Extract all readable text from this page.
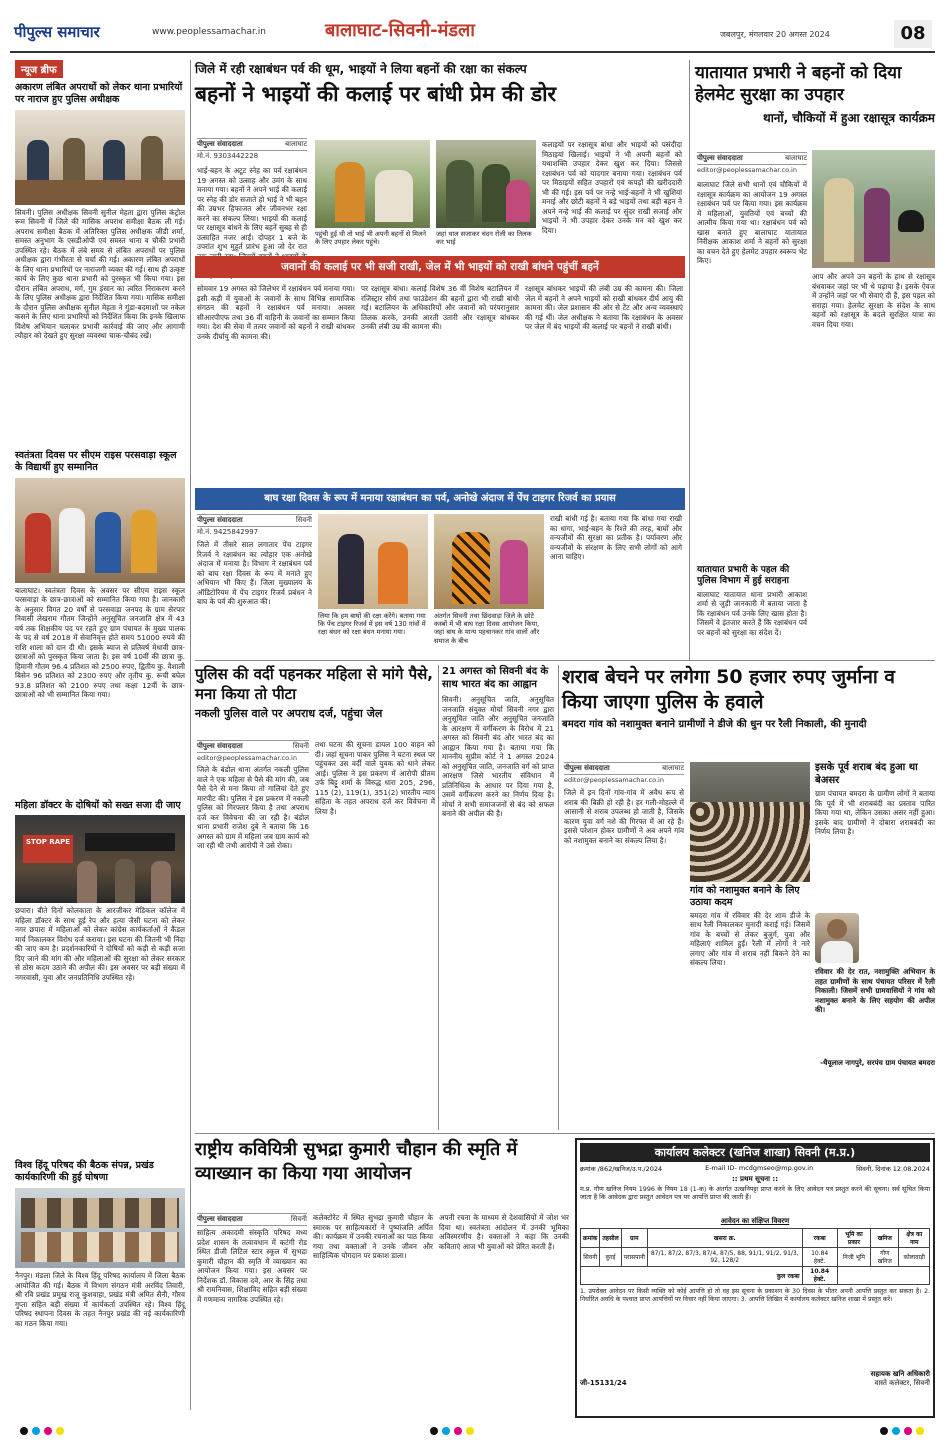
पीपुल्स समाचार	www.peoplessamachar.in	बालाघाट-सिवनी-मंडला	जबलपुर, मंगलवार 20 अगस्त 2024	08
न्यूज ब्रीफ
अकारण लंबित अपराधों को लेकर थाना प्रभारियों पर नाराज हुए पुलिस अधीक्षक
सिवनी। पुलिस अधीक्षक सिवनी सुनील मेहता द्वारा पुलिस कंट्रोल रूम सिवनी में जिले की मासिक अपराध समीक्षा बैठक ली गई। अपराध समीक्षा बैठक में अतिरिक्त पुलिस अधीक्षक जीडी शर्मा, समस्त अनुभाग के एसडीओपी एवं समस्त थाना व चौकी प्रभारी उपस्थित रहे। बैठक में लंबे समय से लंबित अपराधों पर पुलिस अधीक्षक द्वारा गंभीरता से चर्चा की गई। अकारण लंबित अपराधों के लिए थाना प्रभारियों पर नाराजगी व्यक्त की गई। साथ ही उत्कृष्ट कार्य के लिए कुछ थाना प्रभारी को पुरस्कृत भी किया गया। इस दौरान लंबित अपराध, मर्ग, गुम इंसान का त्वरित निराकरण करने के लिए पुलिस अधीक्षक द्वारा निर्देशित किया गया। मासिक समीक्षा के दौरान पुलिस अधीक्षक सुनील मेहता ने गुंडा-बदमाशों पर नकेल कसने के लिए थाना प्रभारियों को निर्देशित किया कि इनके खिलाफ विशेष अभियान चलाकर प्रभावी कार्रवाई की जाए और आगामी त्यौहार को देखते हुए सुरक्षा व्यवस्था चाक-चौबंद रखें।
स्वतंत्रता दिवस पर सीएम राइस परसवाड़ा स्कूल के विद्यार्थी हुए सम्मानित
बालाघाट। स्वतंत्रता दिवस के अवसर पर सीएम राइस स्कूल परसवाड़ा के छात्र-छात्राओं को सम्मानित किया गया है। जानकारी के अनुसार विगत 20 वर्षों से परसवाड़ा जनपद के ग्राम सेरपार निवासी लेखराम गौतम जिन्होंने अनुसूचित जनजाति क्षेत्र में 43 वर्ष तक शिक्षकीय पद पर रहते हुए ग्राम पंचायत के मुख्य पालक के पद से वर्ष 2018 में सेवानिवृत्त होते समय 51000 रुपये की राशि शाला को दान दी थी। इसके ब्याज से प्रतिवर्ष मेधावी छात्र-छात्राओं को पुरस्कृत किया जाता है। इस वर्ष 10वीं की छात्रा कु. हिमानी गौतम 96.4 प्रतिशत को 2500 रुपए, द्वितीय कु. वैशाली बिसेन 96 प्रतिशत को 2300 रुपए और तृतीय कु. रूची बघेल 93.8 प्रतिशत को 2100 रुपए तथा कक्षा 12वीं के छात्र-छात्राओं को भी सम्मानित किया गया।
महिला डॉक्टर के दोषियों को सख्त सजा दी जाए
STOP RAPE
छपारा। बीते दिनों कोलकाता के आरजीकर मेडिकल कॉलेज में महिला डॉक्टर के साथ हुई रेप और हत्या जैसी घटना को लेकर नगर छपारा में महिलाओं को लेकर कांग्रेस कार्यकर्ताओं ने कैंडल मार्च निकालकर विरोध दर्ज कराया। इस घटना की जितनी भी निंदा की जाए कम है। प्रदर्शनकारियों ने दोषियों को कड़ी से कड़ी सजा दिए जाने की मांग की और महिलाओं की सुरक्षा को लेकर सरकार से ठोस कदम उठाने की अपील की। इस अवसर पर बड़ी संख्या में नगरवासी, युवा और जनप्रतिनिधि उपस्थित रहे।
विश्व हिंदू परिषद की बैठक संपन्न, प्रखंड कार्यकारिणी की हुई घोषणा
नैनपुर। मंडला जिले के विश्व हिंदू परिषद कार्यालय में जिला बैठक आयोजित की गई। बैठक में विभाग संगठन मंत्री अरविंद तिवारी, श्री रवि प्रखंड प्रमुख राजू कुशवाहा, प्रखंड मंत्री अमित सैनी, गौरव गुप्ता सहित बड़ी संख्या में कार्यकर्ता उपस्थित रहे। विश्व हिंदू परिषद स्थापना दिवस के तहत नैनपुर प्रखंड की नई कार्यकारिणी का गठन किया गया।
जिले में रही रक्षाबंधन पर्व की धूम, भाइयों ने लिया बहनों की रक्षा का संकल्प
बहनों ने भाइयों की कलाई पर बांधी प्रेम की डोर
पीपुल्स संवाददाता	बालाघाट
मो.नं. 9303442228
भाई-बहन के अटूट स्नेह का पर्व रक्षाबंधन 19 अगस्त को उत्साह और उमंग के साथ मनाया गया। बहनों ने अपने भाई की कलाई पर स्नेह की डोर सजाते हो भाई ने भी बहन की उम्रभर हिफाजत और जीवनभर रक्षा करने का संकल्प लिया। भाइयों की कलाई पर रक्षासूत्र बांधने के लिए बहनें सुबह से ही उत्साहित नजर आईं। दोपहर 1 बजे के उपरांत शुभ मुहूर्त प्रारंभ हुआ जो देर रात
पहुंची हुई थी तो भाई भी अपनी बहनों से मिलने के लिए उपहार लेकर पहुंचे।
जहां थाल सजाकर चंदन रोली का तिलक कर भाई
कलाइयों पर रक्षासूत्र बांधा और भाइयों को पसंदीदा मिठाइयां खिलाई। भाइयों ने भी अपनी बहनों को यथाशक्ति उपहार देकर खुश कर दिया। जिससे रक्षाबंधन पर्व को यादगार बनाया गया। रक्षाबंधन पर्व पर मिठाइयों सहित उपहारों एवं कपड़ों की खरीददारी भी की गई। इस पर्व पर नन्हे भाई-बहनों ने भी खुशियां मनाई और छोटी बहनों ने बड़े भाइयों तथा बड़ी बहन ने अपने नन्हे भाई की कलाई पर सुंदर राखी सजाई और भाइयों ने भी उपहार देकर उनके मन को खुश कर दिया।
जवानों की कलाई पर भी सजी राखी, जेल में भी भाइयों को राखी बांधने पहुंचीं बहनें
सोमवार 19 अगस्त को जिलेभर में रक्षाबंधन पर्व मनाया गया। इसी कड़ी में युवाओं के जवानों के साथ विभिन्न सामाजिक संगठन की बहनों ने रक्षाबंधन पर्व मनाया। अवसर सीआरपीएफ तथा 36 वीं वाहिनी के जवानों का सम्मान किया गया। देश की सेवा में तत्पर जवानों को बहनों ने राखी बांधकर उनके दीर्घायु की कामना की।
पर रक्षासूत्र बांधा। कलाई विशेष 36 वीं विशेष बटालियन में रजिस्ट्रार सौर्य तथा फाउंडेशन की बहनों द्वारा भी राखी बांधी गई। बटालियन के अधिकारियों और जवानों को परंपरानुसार तिलक करके, उनकी आरती उतारी और रक्षासूत्र बांधकर उनकी लंबी उम्र की कामना की।
रक्षासूत्र बांधकर भाइयों की लंबी उम्र की कामना की। जिला जेल में बहनों ने अपने भाइयों को राखी बांधकर दीर्घ आयु की कामना की। जेल प्रशासन की ओर से टेंट और अन्य व्यवस्थाएं की गई थीं। जेल अधीक्षक ने बताया कि रक्षाबंधन के अवसर पर जेल में बंद भाइयों की कलाई पर बहनों ने राखी बांधी।
बाघ रक्षा दिवस के रूप में मनाया रक्षाबंधन का पर्व, अनोखे अंदाज में पेंच टाइगर रिजर्व का प्रयास
पीपुल्स संवाददाता	सिवनी
मो.नं. 9425842997
जिले में तीसरे साल लगातार पेंच टाइगर रिजर्व ने रक्षाबंधन का त्योहार एक अनोखे अंदाज में मनाया है। विभाग ने रक्षाबंधन पर्व को बाघ रक्षा दिवस के रूप में मनाते हुए अभियान भी किए हैं। जिला मुख्यालय के ऑडिटोरियम में पेंच टाइगर रिजर्व प्रबंधन ने बाघ के पर्व की शुरुआत की।
लिया कि हम बाघों की रक्षा करेंगे। बताया गया कि पेंच टाइगर रिजर्व में इस वर्ष 130 गांवों में रक्षा बंधन को रक्षा बंधन मनाया गया।
अंतर्गत सिवनी तथा छिंदवाड़ा जिले के छोटे कस्बों में भी बाघ रक्षा दिवस आयोजन किया, जहां बाघ के मान्य पहचानकर गांव वालों और समाज के बीच
राखी बांधी गई है। बताया गया कि बांधा गया राखी का धागा, भाई-बहन के रिश्ते की तरह, बाघों और वन्यजीवों की सुरक्षा का प्रतीक है। पर्यावरण और वन्यजीवों के संरक्षण के लिए सभी लोगों को आगे आना चाहिए।
यातायात प्रभारी ने बहनों को दिया हेलमेट सुरक्षा का उपहार
थानों, चौकियों में हुआ रक्षासूत्र कार्यक्रम
पीपुल्स संवाददाता	बालाघाट
editor@peoplessamachar.co.in
बालाघाट जिले सभी थानों एवं चौकियों में रक्षासूत्र कार्यक्रम का आयोजन 19 अगस्त रक्षाबंधन पर्व पर किया गया। इस कार्यक्रम में महिलाओं, युवतियों एवं बच्चों की आत्मीय किया गया था। रक्षाबंधन पर्व को खास बनाते हुए बालाघाट यातायात निरीक्षक आकाश शर्मा ने बहनों को सुरक्षा का वचन देते हुए हेलमेट उपहार स्वरूप भेंट किए।
आप और अपने उन बहनों के हाथ से रक्षासूत्र बंधवाकर जहां पर भी थे पढ़ाया है। इसके ऐवज में उन्होंने जहां पर भी सेवाएं दी हैं, इस पहल को सराहा गया। हेलमेट सुरक्षा के संदेश के साथ बहनों को रक्षासूत्र के बदले सुरक्षित यात्रा का वचन दिया गया।
यातायात प्रभारी के पहल की पुलिस विभाग में हुई सराहना
बालाघाट यातायात थाना प्रभारी आकाश शर्मा से जुड़ी जानकारी में बताया जाता है कि रक्षाबंधन पर्व उनके लिए खास होता है। जिसमें वे इंतजार करते हैं कि रक्षाबंधन पर्व पर बहनों को सुरक्षा का संदेश दें।
पुलिस की वर्दी पहनकर महिला से मांगे पैसे, मना किया तो पीटा
नकली पुलिस वाले पर अपराध दर्ज, पहुंचा जेल
पीपुल्स संवाददाता	सिवनी
editor@peoplessamachar.co.in
जिले के बंडोल थाना अंतर्गत नकली पुलिस वाले ने एक महिला से पैसे की मांग की, जब पैसे देने से मना किया तो गालियां देते हुए मारपीट की। पुलिस ने इस प्रकरण में नकली पुलिस को गिरफ्तार किया है तथा अपराध दर्ज कर विवेचना की जा रही है। बंडोल थाना प्रभारी राजेश दुबे ने बताया कि 16 अगस्त को ग्राम में महिला जब ग्राम कार्य को जा रही थी तभी आरोपी ने उसे रोका।
तथा घटना की सूचना डायल 100 वाहन को दी। जहां सूचना पाकर पुलिस ने घटना स्थल पर पहुंचकर उस वर्दी वाले युवक को थाने लेकर आई। पुलिस ने इस प्रकरण में आरोपी प्रीतम उर्फ बिट्टू शर्मा के विरुद्ध धारा 205, 296, 115 (2), 119(1), 351(2) भारतीय न्याय संहिता के तहत अपराध दर्ज कर विवेचना में लिया है।
21 अगस्त को सिवनी बंद के साथ भारत बंद का आह्वान
सिवनी। अनुसूचित जाति, अनुसूचित जनजाति संयुक्त मोर्चा सिवनी नगर द्वारा अनुसूचित जाति और अनुसूचित जनजाति के आरक्षण में वर्गीकरण के विरोध में 21 अगस्त को सिवनी बंद और भारत बंद का आह्वान किया गया है। बताया गया कि माननीय सुप्रीम कोर्ट ने 1 अगस्त 2024 को अनुसूचित जाति, जनजाति वर्ग को प्राप्त आरक्षण जिसे भारतीय संविधान में प्रतिनिधित्व के आधार पर दिया गया है, उसमें वर्गीकरण करने का निर्णय दिया है। मोर्चा ने सभी समाजजनों से बंद को सफल बनाने की अपील की है।
शराब बेचने पर लगेगा 50 हजार रुपए जुर्माना व किया जाएगा पुलिस के हवाले
बमदरा गांव को नशामुक्त बनाने ग्रामीणों ने डीजे की धुन पर रैली निकाली, की मुनादी
पीपुल्स संवाददाता	बालाघाट
editor@peoplessamachar.co.in
जिले में इन दिनों गांव-गांव में अवैध रूप से शराब की बिक्री हो रही है। हर गली-मोहल्ले में आसानी से शराब उपलब्ध हो जाती है, जिसके कारण युवा वर्ग नशे की गिरफ्त में आ रहे हैं। इससे परेशान होकर ग्रामीणों ने अब अपने गांव को नशामुक्त बनाने का संकल्प लिया है।
गांव को नशामुक्त बनाने के लिए उठाया कदम
बमदरा गांव में रविवार की देर शाम डीजे के साथ रैली निकालकर मुनादी कराई गई। जिसमें गांव के बच्चों से लेकर बुजुर्ग, युवा और महिलाएं शामिल हुईं। रैली में लोगों ने नारे लगाए और गांव में शराब नहीं बिकने देने का संकल्प लिया।
इसके पूर्व शराब बंद हुआ था बेअसर
ग्राम पंचायत बमदरा के ग्रामीण लोगों ने बताया कि पूर्व में भी शराबबंदी का प्रस्ताव पारित किया गया था, लेकिन उसका असर नहीं हुआ। इसके बाद ग्रामीणों ने दोबारा शराबबंदी का निर्णय लिया है।
रविवार की देर रात, नशामुक्ति अभियान के तहत ग्रामीणों के साथ पंचायत परिसर में रैली निकाली। जिसमें सभी ग्रामवासियों ने गांव को नशामुक्त बनाने के लिए सहयोग की अपील की।
-थैयूलाल नागपुरे, सरपंच ग्राम पंचायत बमदरा
राष्ट्रीय कवियित्री सुभद्रा कुमारी चौहान की स्मृति में व्याख्यान का किया गया आयोजन
पीपुल्स संवाददाता	सिवनी
साहित्य अकादमी संस्कृति परिषद मध्य प्रदेश शासन के तत्वावधान में कटंगी रोड स्थित डीजी लिटिल स्टार स्कूल में सुभद्रा कुमारी चौहान की स्मृति में व्याख्यान का आयोजन किया गया। इस अवसर पर निर्देशक डॉ. विकास दवे, आर के सिंह तथा श्री रामनिवास, शिक्षाविद सहित बड़ी संख्या में गणमान्य नागरिक उपस्थित रहे।
कलेक्टोरेट में स्थित सुभद्रा कुमारी चौहान के स्मारक पर साहित्यकारों ने पुष्पांजलि अर्पित की। कार्यक्रम में उनकी रचनाओं का पाठ किया गया तथा वक्ताओं ने उनके जीवन और साहित्यिक योगदान पर प्रकाश डाला।
अपनी रचना के माध्यम से देशवासियों में जोश भर दिया था। स्वतंत्रता आंदोलन में उनकी भूमिका अविस्मरणीय है। वक्ताओं ने कहा कि उनकी कविताएं आज भी युवाओं को प्रेरित करती हैं।
कार्यालय कलेक्टर (खनिज शाखा) सिवनी (म.प्र.)
क्रमांक /862/खनिज/उ.प./2024	E-mail ID- mcdgmseo@mp.gov.in	सिवनी, दिनांक 12.08.2024
:: प्रथम सूचना ::
म.प्र. गौण खनिज नियम 1996 के नियम 18 (1-क) के अंतर्गत उत्खनिपट्टा प्राप्त करने के लिए आवेदन पत्र प्रस्तुत करने की सूचना। सर्व सूचित किया जाता है कि आवेदक द्वारा प्रस्तुत आवेदन पत्र पर आपत्ति प्राप्त की जाती हैं।
आवेदन का संक्षिप्त विवरण
क्रमांक	तहसील	ग्राम	खसरा क्र.	रकबा	भूमि का प्रकार	खनिज	क्षेत्र का नाम
सिवनी	कुरई	परासपानी	87/1, 87/2, 87/3, 87/4, 87/5, 88, 91/1, 91/2, 91/3, 92, 128/2	10.84 हेक्टे.	निजी भूमि	गौण खनिज	कोलावाड़ी
कुल रकबा				10.84 हेक्टे.			
1. उपरोक्त आवेदन पर किसी व्यक्ति को कोई आपत्ति हो तो वह इस सूचना के प्रकाशन के 30 दिवस के भीतर अपनी आपत्ति प्रस्तुत कर सकता है। 2. निर्धारित अवधि के पश्चात प्राप्त आपत्तियों पर विचार नहीं किया जाएगा। 3. आपत्ति लिखित में कार्यालय कलेक्टर खनिज शाखा में प्रस्तुत करें।
जी-15131/24
सहायक खनि अधिकारी
वास्ते कलेक्टर, सिवनी
